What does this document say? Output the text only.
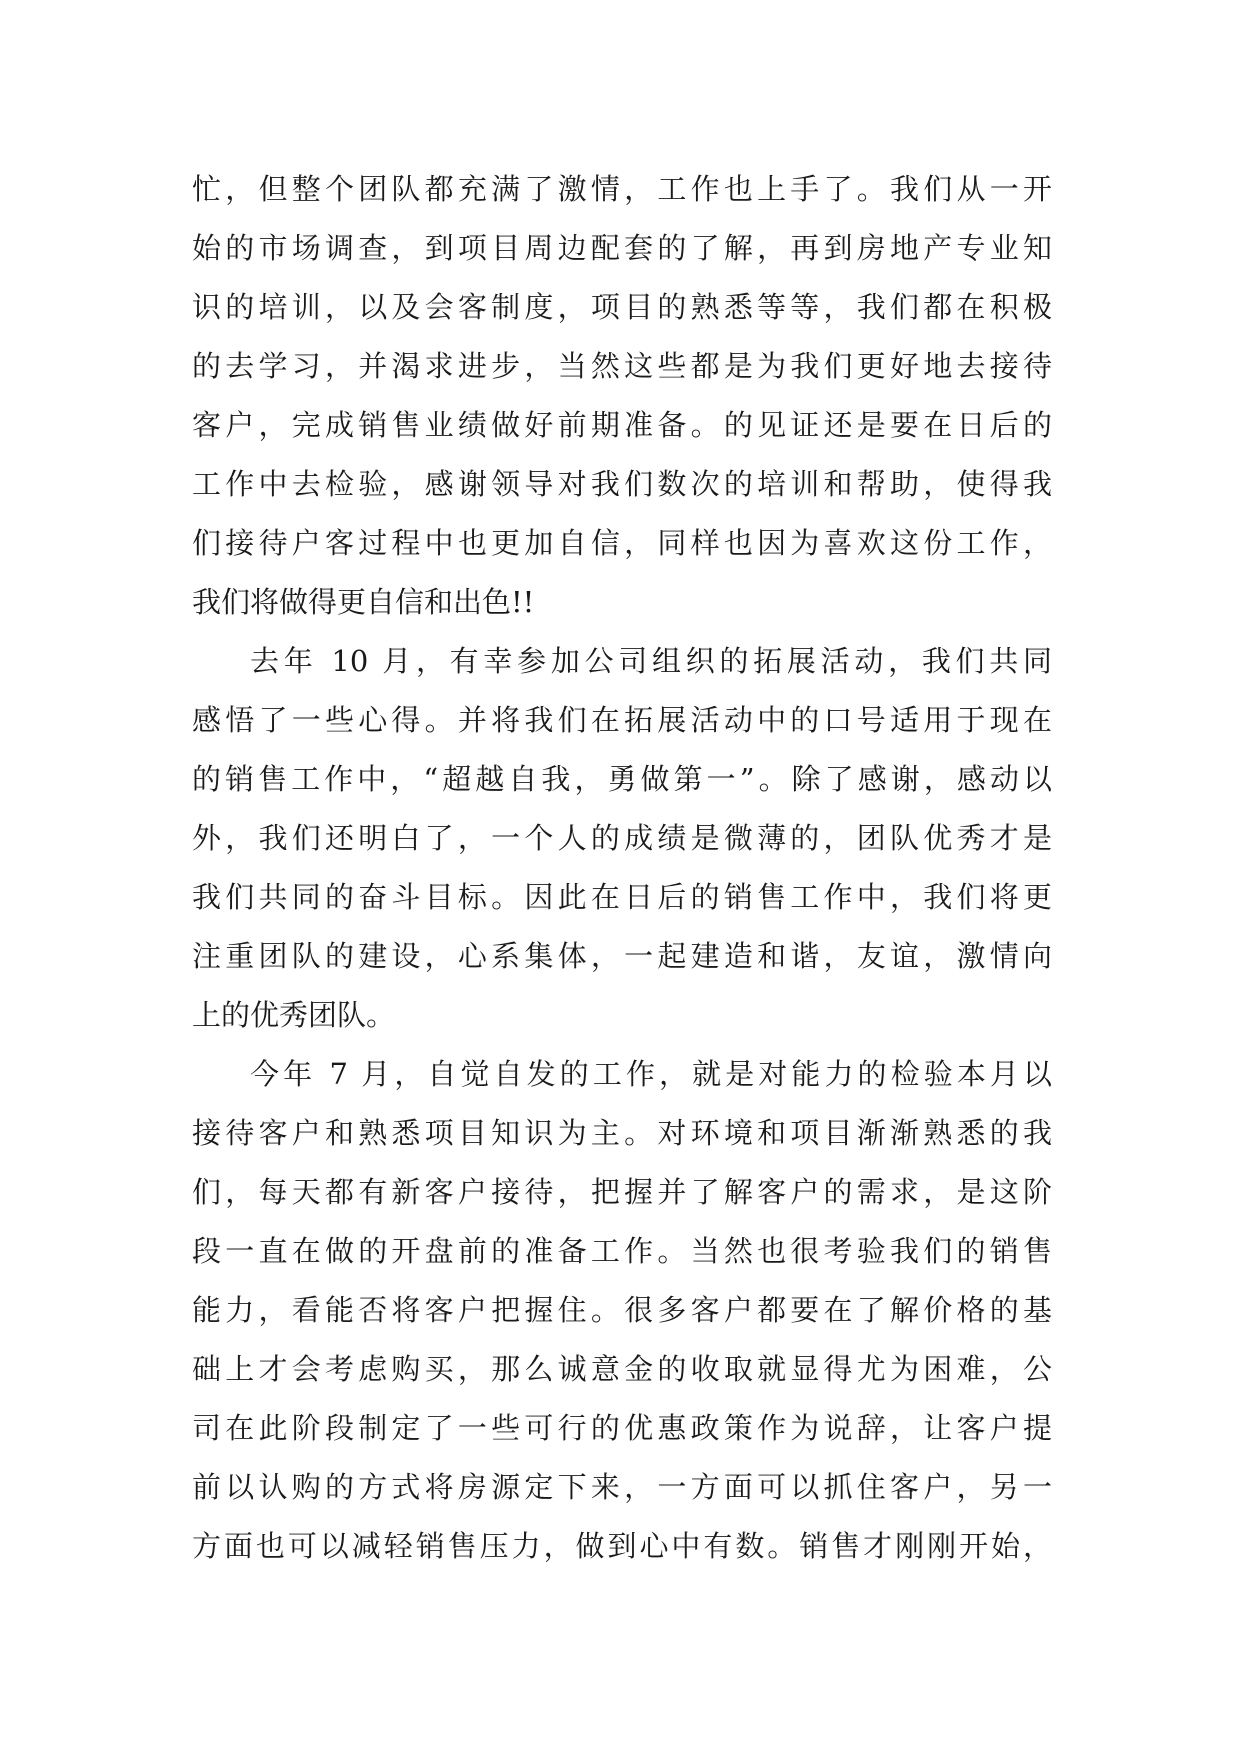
忙，但整个团队都充满了激情，工作也上手了。我们从一开
始的市场调查，到项目周边配套的了解，再到房地产专业知
识的培训，以及会客制度，项目的熟悉等等，我们都在积极
的去学习，并渴求进步，当然这些都是为我们更好地去接待
客户，完成销售业绩做好前期准备。的见证还是要在日后的
工作中去检验，感谢领导对我们数次的培训和帮助，使得我
们接待户客过程中也更加自信，同样也因为喜欢这份工作，
我们将做得更自信和出色!!
去年 10 月，有幸参加公司组织的拓展活动，我们共同
感悟了一些心得。并将我们在拓展活动中的口号适用于现在
的销售工作中，“超越自我，勇做第一”。除了感谢，感动以
外，我们还明白了，一个人的成绩是微薄的，团队优秀才是
我们共同的奋斗目标。因此在日后的销售工作中，我们将更
注重团队的建设，心系集体，一起建造和谐，友谊，激情向
上的优秀团队。
今年 7 月，自觉自发的工作，就是对能力的检验本月以
接待客户和熟悉项目知识为主。对环境和项目渐渐熟悉的我
们，每天都有新客户接待，把握并了解客户的需求，是这阶
段一直在做的开盘前的准备工作。当然也很考验我们的销售
能力，看能否将客户把握住。很多客户都要在了解价格的基
础上才会考虑购买，那么诚意金的收取就显得尤为困难，公
司在此阶段制定了一些可行的优惠政策作为说辞，让客户提
前以认购的方式将房源定下来，一方面可以抓住客户，另一
方面也可以减轻销售压力，做到心中有数。销售才刚刚开始，
